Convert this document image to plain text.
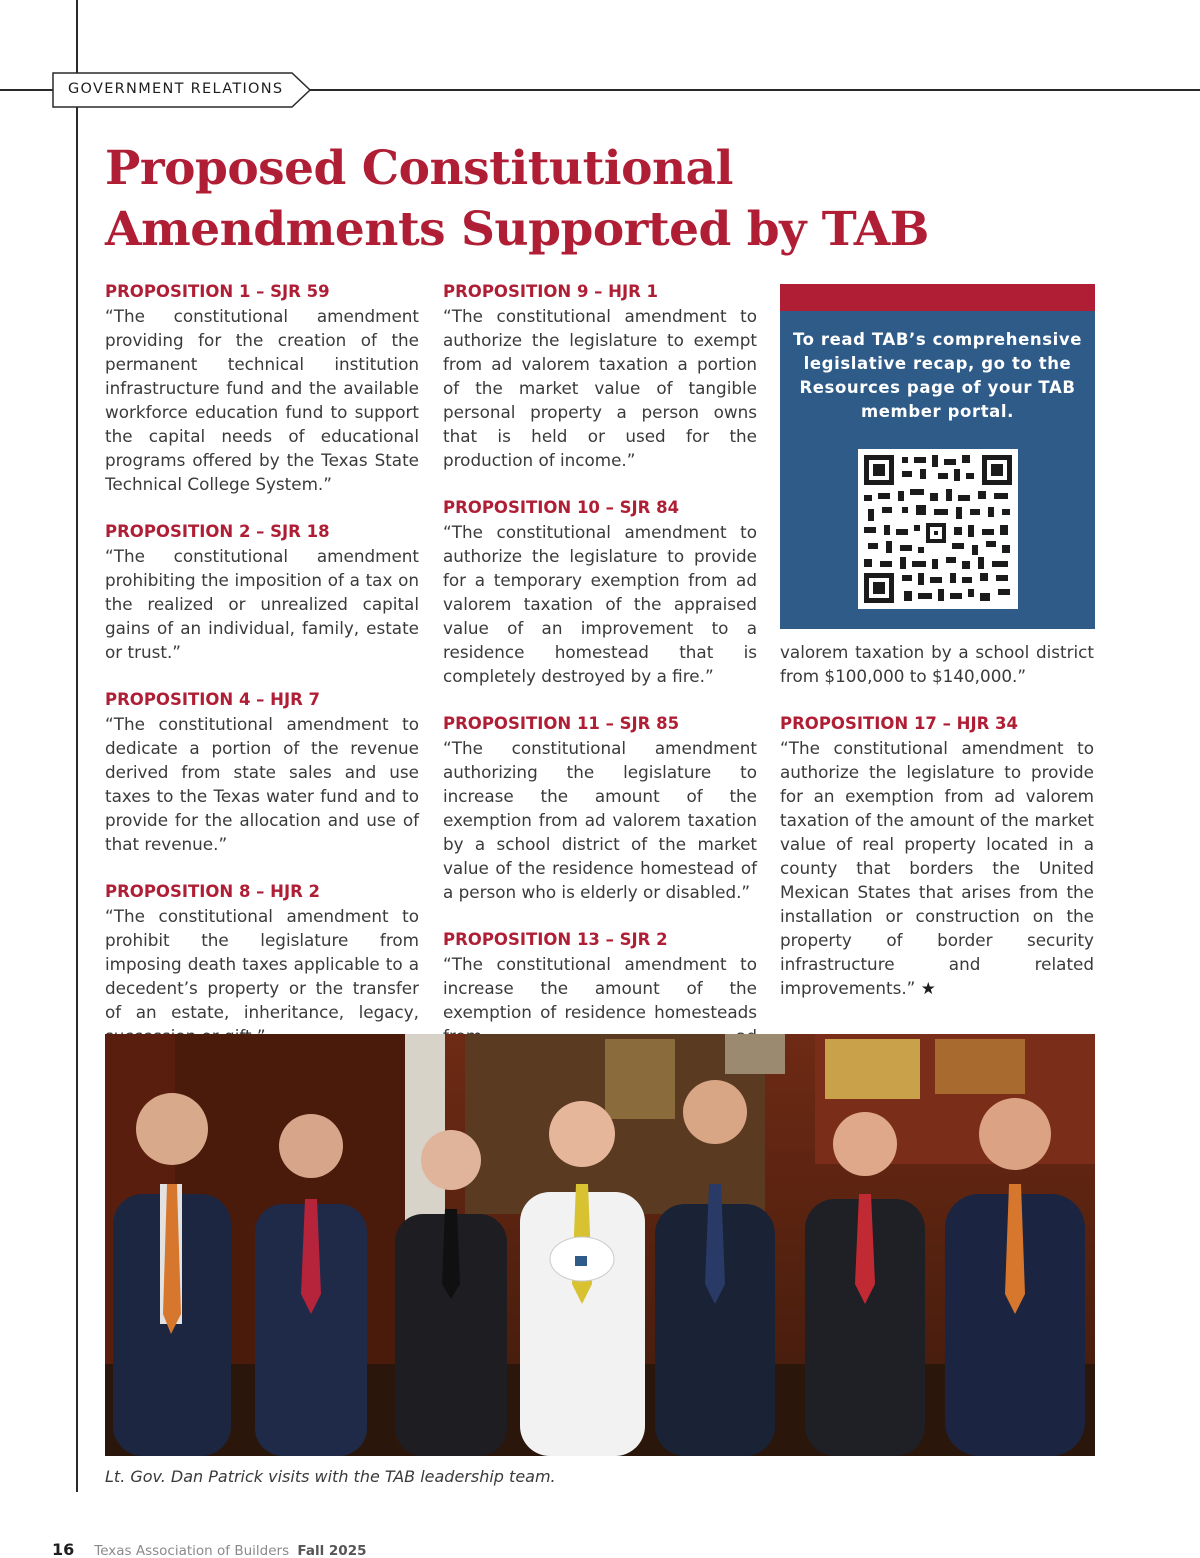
GOVERNMENT RELATIONS
Proposed Constitutional
Amendments Supported by TAB
PROPOSITION 1 – SJR 59

“The constitutional amendment providing for the creation of the permanent technical institution infrastructure fund and the available workforce education fund to support the capital needs of educational programs offered by the Texas State Technical College System.”

PROPOSITION 2 – SJR 18

“The constitutional amendment prohibiting the imposition of a tax on the realized or unrealized capital gains of an individual, family, estate or trust.”

PROPOSITION 4 – HJR 7

“The constitutional amendment to dedicate a portion of the revenue derived from state sales and use taxes to the Texas water fund and to provide for the allocation and use of that revenue.”

PROPOSITION 8 – HJR 2

“The constitutional amendment to prohibit the legislature from imposing death taxes applicable to a decedent’s property or the transfer of an estate, inheritance, legacy,

PROPOSITION 9 – HJR 1

“The constitutional amendment to authorize the legislature to exempt from ad valorem taxation a portion of the market value of tangible personal property a person owns that is held or used for the production of income.”

PROPOSITION 10 – SJR 84

“The constitutional amendment to authorize the legislature to provide for a temporary exemption from ad valorem taxation of the appraised value of an improvement to a residence homestead that is completely destroyed by a fire.”

PROPOSITION 11 – SJR 85

“The constitutional amendment authorizing the legislature to increase the amount of the exemption from ad valorem taxation by a school district of the market value of the residence homestead of a person who is elderly or disabled.”

PROPOSITION 13 – SJR 2

“The constitutional amendment to increase the amount of the exemption of residence homesteads

To read TAB’s comprehensive legislative recap, go to the Resources page of your TAB member portal.

valorem taxation by a school district from $100,000 to $140,000.”

PROPOSITION 17 – HJR 34

“The constitutional amendment to authorize the legislature to provide for an exemption from ad valorem taxation of the amount of the market value of real property located in a county that borders the United Mexican States that arises from the installation or construction on the property of border security infrastructure and related improvements.” ★

Lt. Gov. Dan Patrick visits with the TAB leadership team.

16 Texas Association of Builders Fall 2025
